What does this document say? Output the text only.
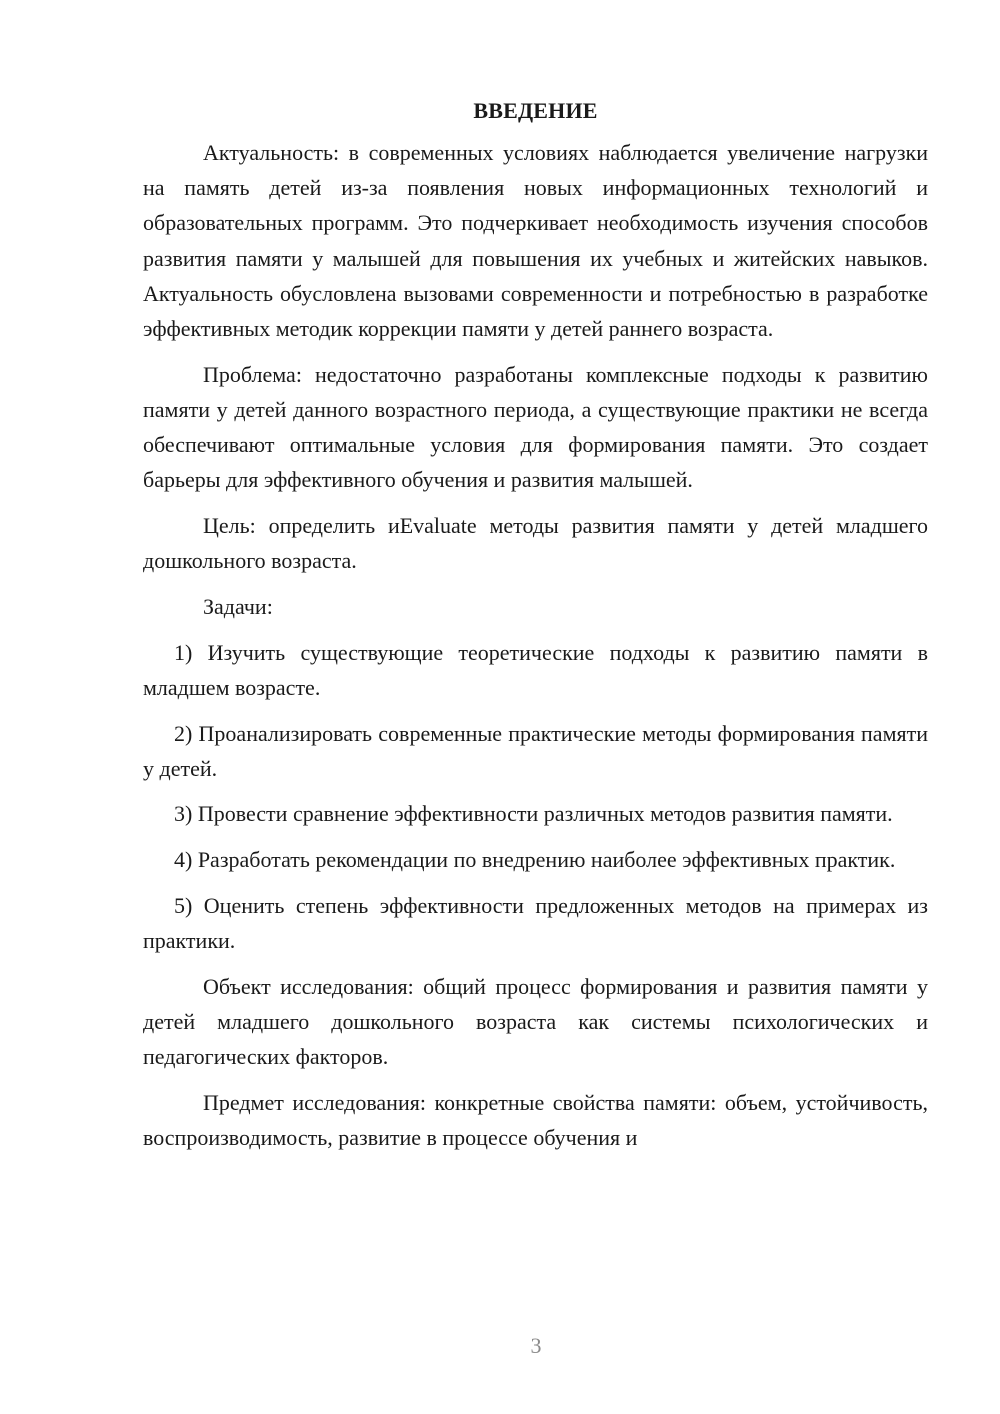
ВВЕДЕНИЕ

Актуальность: в современных условиях наблюдается увеличение нагрузки на память детей из-за появления новых информационных технологий и образовательных программ. Это подчеркивает необходимость изучения способов развития памяти у малышей для повышения их учебных и житейских навыков. Актуальность обусловлена вызовами современности и потребностью в разработке эффективных методик коррекции памяти у детей раннего возраста.

Проблема: недостаточно разработаны комплексные подходы к развитию памяти у детей данного возрастного периода, а существующие практики не всегда обеспечивают оптимальные условия для формирования памяти. Это создает барьеры для эффективного обучения и развития малышей.

Цель: определить иEvaluate методы развития памяти у детей младшего дошкольного возраста.

Задачи:

1) Изучить существующие теоретические подходы к развитию памяти в младшем возрасте.

2) Проанализировать современные практические методы формирования памяти у детей.

3) Провести сравнение эффективности различных методов развития памяти.

4) Разработать рекомендации по внедрению наиболее эффективных практик.

5) Оценить степень эффективности предложенных методов на примерах из практики.

Объект исследования: общий процесс формирования и развития памяти у детей младшего дошкольного возраста как системы психологических и педагогических факторов.

Предмет исследования: конкретные свойства памяти: объем, устойчивость, воспроизводимость, развитие в процессе обучения и

3
